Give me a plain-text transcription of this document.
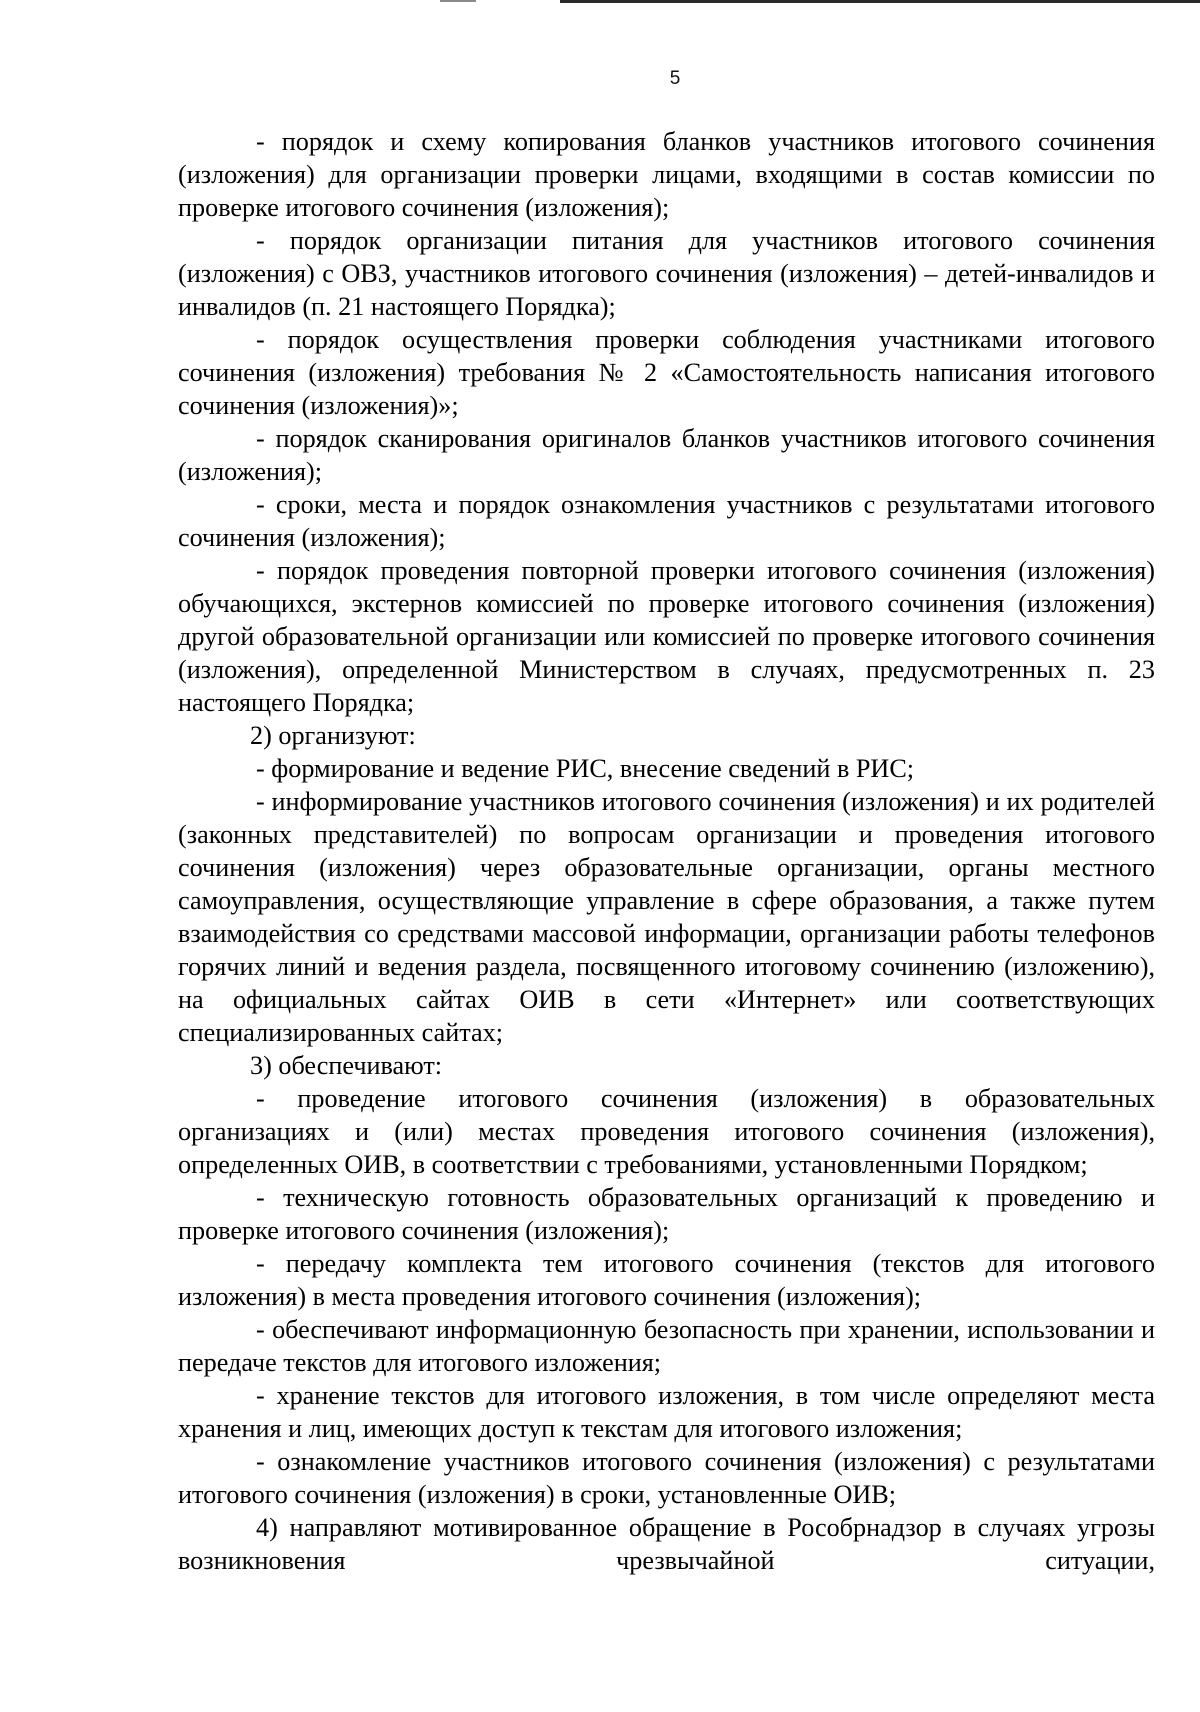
5

- порядок и схему копирования бланков участников итогового сочинения (изложения) для организации проверки лицами, входящими в состав комиссии по проверке итогового сочинения (изложения);

- порядок организации питания для участников итогового сочинения (изложения) с ОВЗ, участников итогового сочинения (изложения) – детей-инвалидов и инвалидов (п. 21 настоящего Порядка);

- порядок осуществления проверки соблюдения участниками итогового сочинения (изложения) требования № 2 «Самостоятельность написания итогового сочинения (изложения)»;

- порядок сканирования оригиналов бланков участников итогового сочинения (изложения);

- сроки, места и порядок ознакомления участников с результатами итогового сочинения (изложения);

- порядок проведения повторной проверки итогового сочинения (изложения) обучающихся, экстернов комиссией по проверке итогового сочинения (изложения) другой образовательной организации или комиссией по проверке итогового сочинения (изложения), определенной Министерством в случаях, предусмотренных п. 23 настоящего Порядка;

2) организуют:

- формирование и ведение РИС, внесение сведений в РИС;

- информирование участников итогового сочинения (изложения) и их родителей (законных представителей) по вопросам организации и проведения итогового сочинения (изложения) через образовательные организации, органы местного самоуправления, осуществляющие управление в сфере образования, а также путем взаимодействия со средствами массовой информации, организации работы телефонов горячих линий и ведения раздела, посвященного итоговому сочинению (изложению), на официальных сайтах ОИВ в сети «Интернет» или соответствующих специализированных сайтах;

3) обеспечивают:

- проведение итогового сочинения (изложения) в образовательных организациях и (или) местах проведения итогового сочинения (изложения), определенных ОИВ, в соответствии с требованиями, установленными Порядком;

- техническую готовность образовательных организаций к проведению и проверке итогового сочинения (изложения);

- передачу комплекта тем итогового сочинения (текстов для итогового изложения) в места проведения итогового сочинения (изложения);

- обеспечивают информационную безопасность при хранении, использовании и передаче текстов для итогового изложения;

- хранение текстов для итогового изложения, в том числе определяют места хранения и лиц, имеющих доступ к текстам для итогового изложения;

- ознакомление участников итогового сочинения (изложения) с результатами итогового сочинения (изложения) в сроки, установленные ОИВ;

4) направляют мотивированное обращение в Рособрнадзор в случаях угрозы возникновения чрезвычайной ситуации,
